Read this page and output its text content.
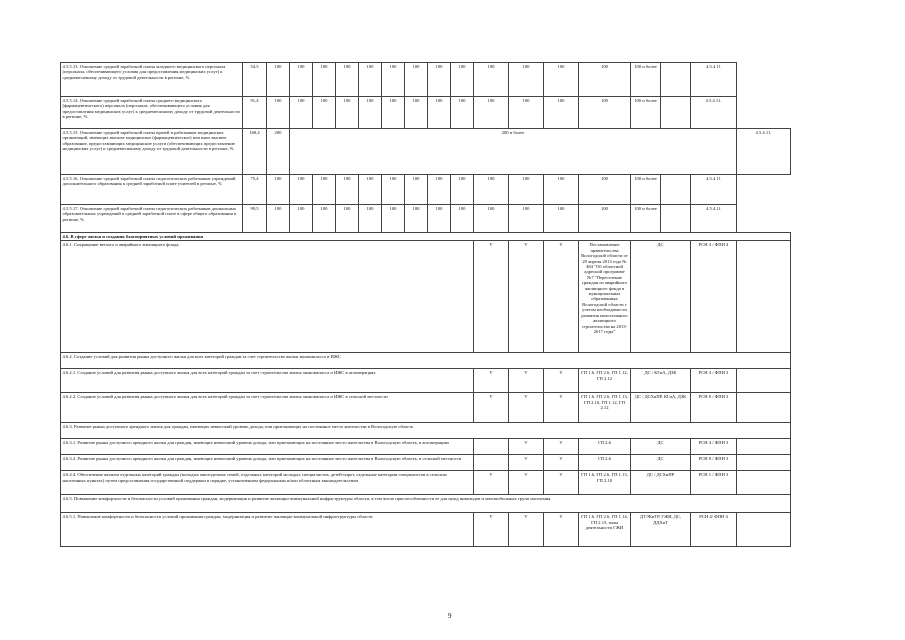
4.5.5.13. Отношение средней заработной платы младшего медицинского персонала (персонала, обеспечивающего условия для предоставления медицинских услуг) к среднемесячному доходу от трудовой деятельности в регионе, %	54,5	100	100	100	100	100	100	100	100	100	100	100	100	100	100 и более		4.5.4.11	
4.5.5.14. Отношение средней заработной платы среднего медицинского (фармацевтического) персонала (персонала, обеспечивающего условия для предоставления медицинских услуг) к среднемесячному доходу от трудовой деятельности в регионе, %	91,4	100	100	100	100	100	100	100	100	100	100	100	100	100	100 и более		4.5.4.11.	
4.5.5.15. Отношение средней заработной платы врачей и работников медицинских организаций, имеющих высшее медицинское (фармацевтическое) или иное высшее образование, предоставляющих медицинские услуги (обеспечивающих предоставление медицинских услуг) к среднемесячному доходу от трудовой деятельности в регионе, %	168,4	200	200 и более															4.5.4.11.
4.5.5.16. Отношение средней заработной платы педагогических работников учреждений дополнительного образования к средней заработной плате учителей в регионе, %	75,4	100	100	100	100	100	100	100	100	100	100	100	100	100	100 и более		4.5.4.11	
4.5.5.17. Отношение средней заработной платы педагогических работников дошкольных образовательных учреждений к средней заработной плате в сфере общего образования в регионе, %	99,5	100	100	100	100	100	100	100	100	100	100	100	100	100	100 и более		4.5.4.11	
4.6. В сфере жилья и создания благоприятных условий проживания																		
4.6.1. Сокращение ветхого и аварийного жилищного фонда.											V	V	V	Постановление правительства Вологодской области от 29 апреля 2013 года № 484 "Об областной адресной программе №7 "Переселение граждан из аварийного жилищного фонда в муниципальных образованиях Вологодской области с учетом необходимости развития малоэтажного жилищного строительства на 2013-2017 годы"	ДС		РСН 4 / ФПН 4	
4.6.2. Создание условий для развития рынка доступного жилья для всех категорий граждан за счет строительства жилья экономкласса и ИЖС																		
4.6.2.1. Создание условий для развития рынка доступного жилья для всех категорий граждан за счет строительства жилья экономкласса и ИЖС в агломерациях											V	V	V	ГП 1.6, ГП 2.6, ГП 1.12, ГП 2.12	ДС / КГиА, ДЗК		РСН 4 / ФПН 3	
4.6.2.2. Создание условий для развития рынка доступного жилья для всех категорий граждан за счет строительства жилья экономкласса и ИЖС в сельской местности											V	V	V	ГП 1.6, ГП 2.6, ГП 1.13, ГП 2.10, ГП 1.12, ГП 2.12	ДС / ДСХиПР, КГиА, ДЗК		РСН 8 / ФПН 3	
4.6.3. Развитие рынка доступного арендного жилья для граждан, имеющих невысокий уровень дохода, или приезжающих на постоянное место жительства в Вологодскую область																		
4.6.3.1. Развитие рынка доступного арендного жилья для граждан, имеющих невысокий уровень дохода, или приезжающих на постоянное место жительства в Вологодскую область, в агломерациях												V	V	ГП 2.6	ДС		РСН 4 / ФПН 3	
4.6.3.2. Развитие рынка доступного арендного жилья для граждан, имеющих невысокий уровень дохода, или приезжающих на постоянное место жительства в Вологодскую область, в сельской местности												V	V	ГП 2.6	ДС		РСН 8 / ФПН 3	
4.6.4.4. Обеспечение жильем отдельных категорий граждан (молодых многодетных семей, отдельных категорий молодых специалистов, детей-сирот, отдельные категории специалистов в сельских населенных пунктах) путем предоставления государственной поддержки в порядке, установленном федеральным и/или областным законодательством											V	V	V	ГП 1.6, ГП 2.6, ГП 1.13, ГП 2.10	ДС / ДСХиПР		РСН 1 / ФПН 3	
4.6.5. Повышение комфортности и безопасности условий проживания граждан, модернизация и развитие жилищно-коммунальной инфраструктуры области, в том числе приспособленности ее для нужд инвалидов и маломобильных групп населения																		
4.6.5.1. Повышение комфортности и безопасности условий проживания граждан, модернизация и развитие жилищно-коммунальной инфраструктуры области											V	V	V	ГП 1.6, ГП 2.6, ГП 1.14, ГП 2.15, план деятельности ГЖИ	ДТЭКиТР, ГЖИ, ДС, ДДХиТ		РСН 4/ ФПН 4	
9
